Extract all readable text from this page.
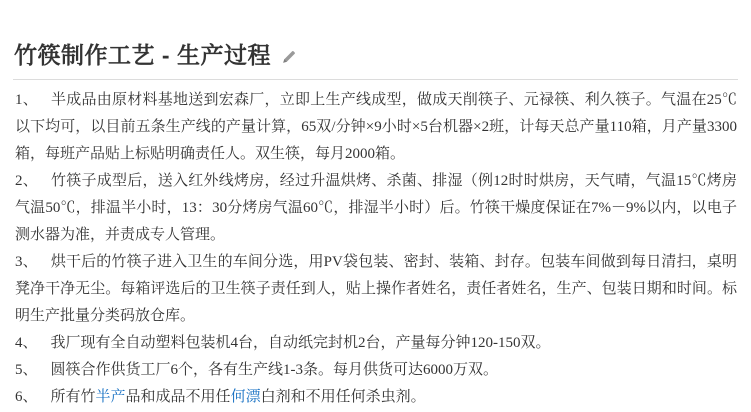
竹筷制作工艺 - 生产过程

1、 半成品由原材料基地送到宏森厂，立即上生产线成型，做成天削筷子、元禄筷、利久筷子。气温在25℃以下均可，以目前五条生产线的产量计算，65双/分钟×9小时×5台机器×2班，计每天总产量110箱，月产量3300箱，每班产品贴上标贴明确责任人。双生筷，每月2000箱。

2、 竹筷子成型后，送入红外线烤房，经过升温烘烤、杀菌、排湿（例12时时烘房，天气晴，气温15℃烤房气温50℃，排温半小时，13：30分烤房气温60℃，排湿半小时）后。竹筷干燥度保证在7%－9%以内，以电子测水器为准，并责成专人管理。

3、 烘干后的竹筷子进入卫生的车间分选，用PV袋包装、密封、装箱、封存。包装车间做到每日清扫，桌明凳净干净无尘。每箱评选后的卫生筷子责任到人，贴上操作者姓名，责任者姓名，生产、包装日期和时间。标明生产批量分类码放仓库。

4、 我厂现有全自动塑料包装机4台，自动纸完封机2台，产量每分钟120-150双。

5、 圆筷合作供货工厂6个，各有生产线1-3条。每月供货可达6000万双。

6、 所有竹半产品和成品不用任何漂白剂和不用任何杀虫剂。
